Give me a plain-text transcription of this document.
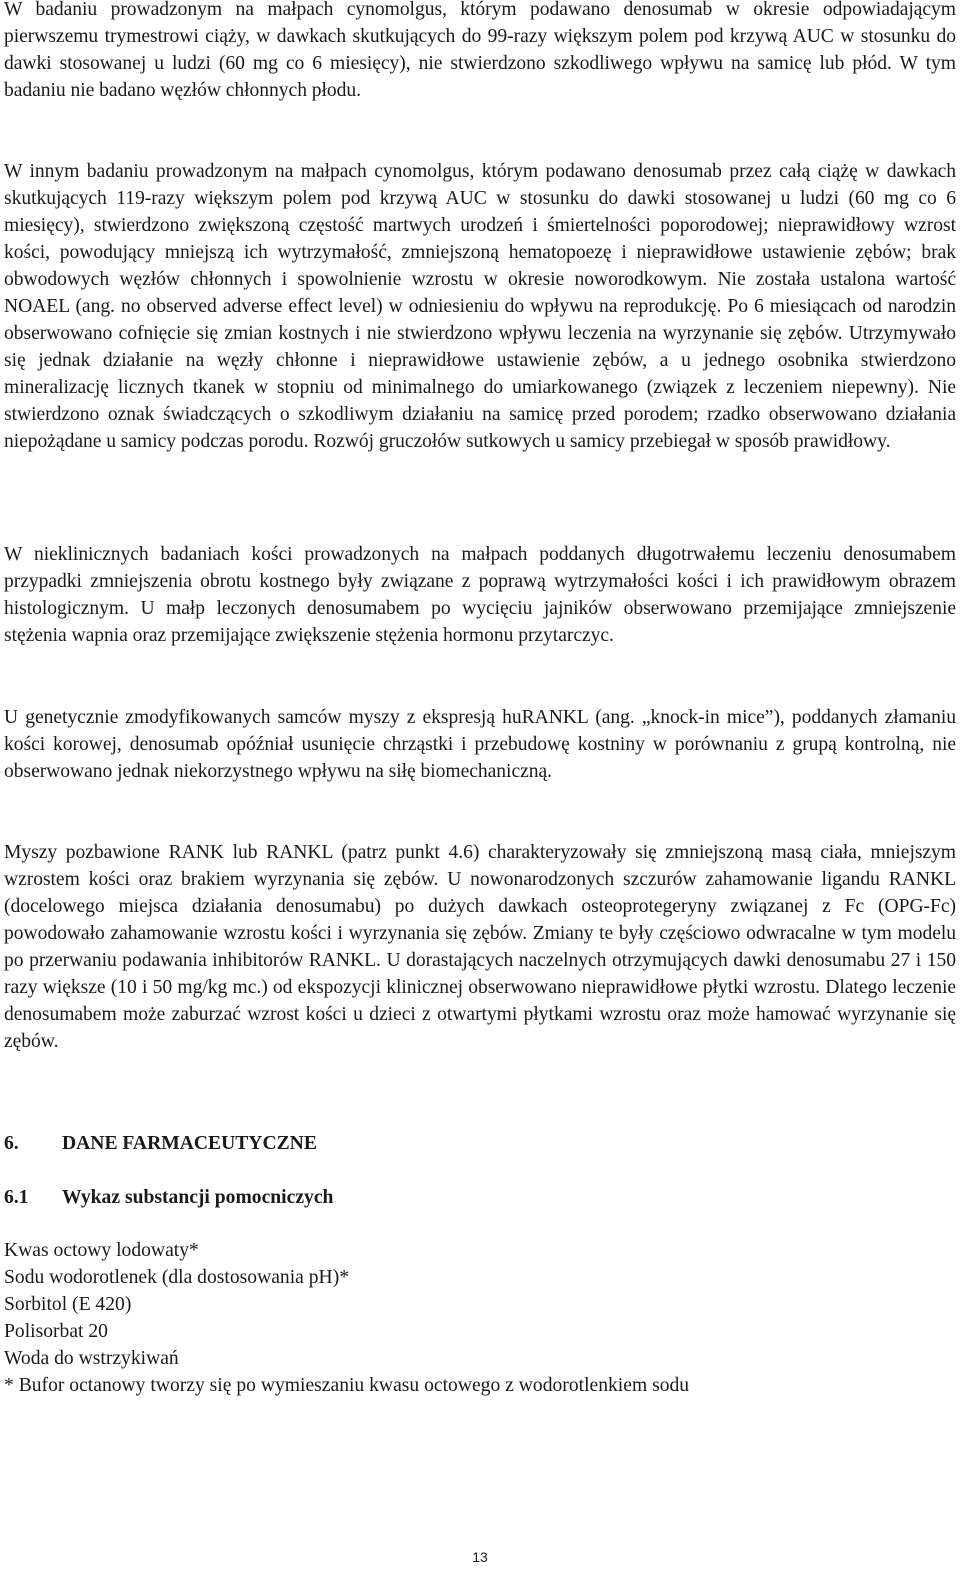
W badaniu prowadzonym na małpach cynomolgus, którym podawano denosumab w okresie odpowiadającym pierwszemu trymestrowi ciąży, w dawkach skutkujących do 99-razy większym polem pod krzywą AUC w stosunku do dawki stosowanej u ludzi (60 mg co 6 miesięcy), nie stwierdzono szkodliwego wpływu na samicę lub płód. W tym badaniu nie badano węzłów chłonnych płodu.

W innym badaniu prowadzonym na małpach cynomolgus, którym podawano denosumab przez całą ciążę w dawkach skutkujących 119-razy większym polem pod krzywą AUC w stosunku do dawki stosowanej u ludzi (60 mg co 6 miesięcy), stwierdzono zwiększoną częstość martwych urodzeń i śmiertelności poporodowej; nieprawidłowy wzrost kości, powodujący mniejszą ich wytrzymałość, zmniejszoną hematopoezę i nieprawidłowe ustawienie zębów; brak obwodowych węzłów chłonnych i spowolnienie wzrostu w okresie noworodkowym. Nie została ustalona wartość NOAEL (ang. no observed adverse effect level) w odniesieniu do wpływu na reprodukcję. Po 6 miesiącach od narodzin obserwowano cofnięcie się zmian kostnych i nie stwierdzono wpływu leczenia na wyrzynanie się zębów. Utrzymywało się jednak działanie na węzły chłonne i nieprawidłowe ustawienie zębów, a u jednego osobnika stwierdzono mineralizację licznych tkanek w stopniu od minimalnego do umiarkowanego (związek z leczeniem niepewny). Nie stwierdzono oznak świadczących o szkodliwym działaniu na samicę przed porodem; rzadko obserwowano działania niepożądane u samicy podczas porodu. Rozwój gruczołów sutkowych u samicy przebiegał w sposób prawidłowy.

W nieklinicznych badaniach kości prowadzonych na małpach poddanych długotrwałemu leczeniu denosumabem przypadki zmniejszenia obrotu kostnego były związane z poprawą wytrzymałości kości i ich prawidłowym obrazem histologicznym. U małp leczonych denosumabem po wycięciu jajników obserwowano przemijające zmniejszenie stężenia wapnia oraz przemijające zwiększenie stężenia hormonu przytarczyc.

U genetycznie zmodyfikowanych samców myszy z ekspresją huRANKL (ang. „knock-in mice”), poddanych złamaniu kości korowej, denosumab opóźniał usunięcie chrząstki i przebudowę kostniny w porównaniu z grupą kontrolną, nie obserwowano jednak niekorzystnego wpływu na siłę biomechaniczną.

Myszy pozbawione RANK lub RANKL (patrz punkt 4.6) charakteryzowały się zmniejszoną masą ciała, mniejszym wzrostem kości oraz brakiem wyrzynania się zębów. U nowonarodzonych szczurów zahamowanie ligandu RANKL (docelowego miejsca działania denosumabu) po dużych dawkach osteoprotegeryny związanej z Fc (OPG-Fc) powodowało zahamowanie wzrostu kości i wyrzynania się zębów. Zmiany te były częściowo odwracalne w tym modelu po przerwaniu podawania inhibitorów RANKL. U dorastających naczelnych otrzymujących dawki denosumabu 27 i 150 razy większe (10 i 50 mg/kg mc.) od ekspozycji klinicznej obserwowano nieprawidłowe płytki wzrostu. Dlatego leczenie denosumabem może zaburzać wzrost kości u dzieci z otwartymi płytkami wzrostu oraz może hamować wyrzynanie się zębów.

6. DANE FARMACEUTYCZNE
6.1 Wykaz substancji pomocniczych
Kwas octowy lodowaty*
Sodu wodorotlenek (dla dostosowania pH)*
Sorbitol (E 420)
Polisorbat 20
Woda do wstrzykiwań

* Bufor octanowy tworzy się po wymieszaniu kwasu octowego z wodorotlenkiem sodu

13
